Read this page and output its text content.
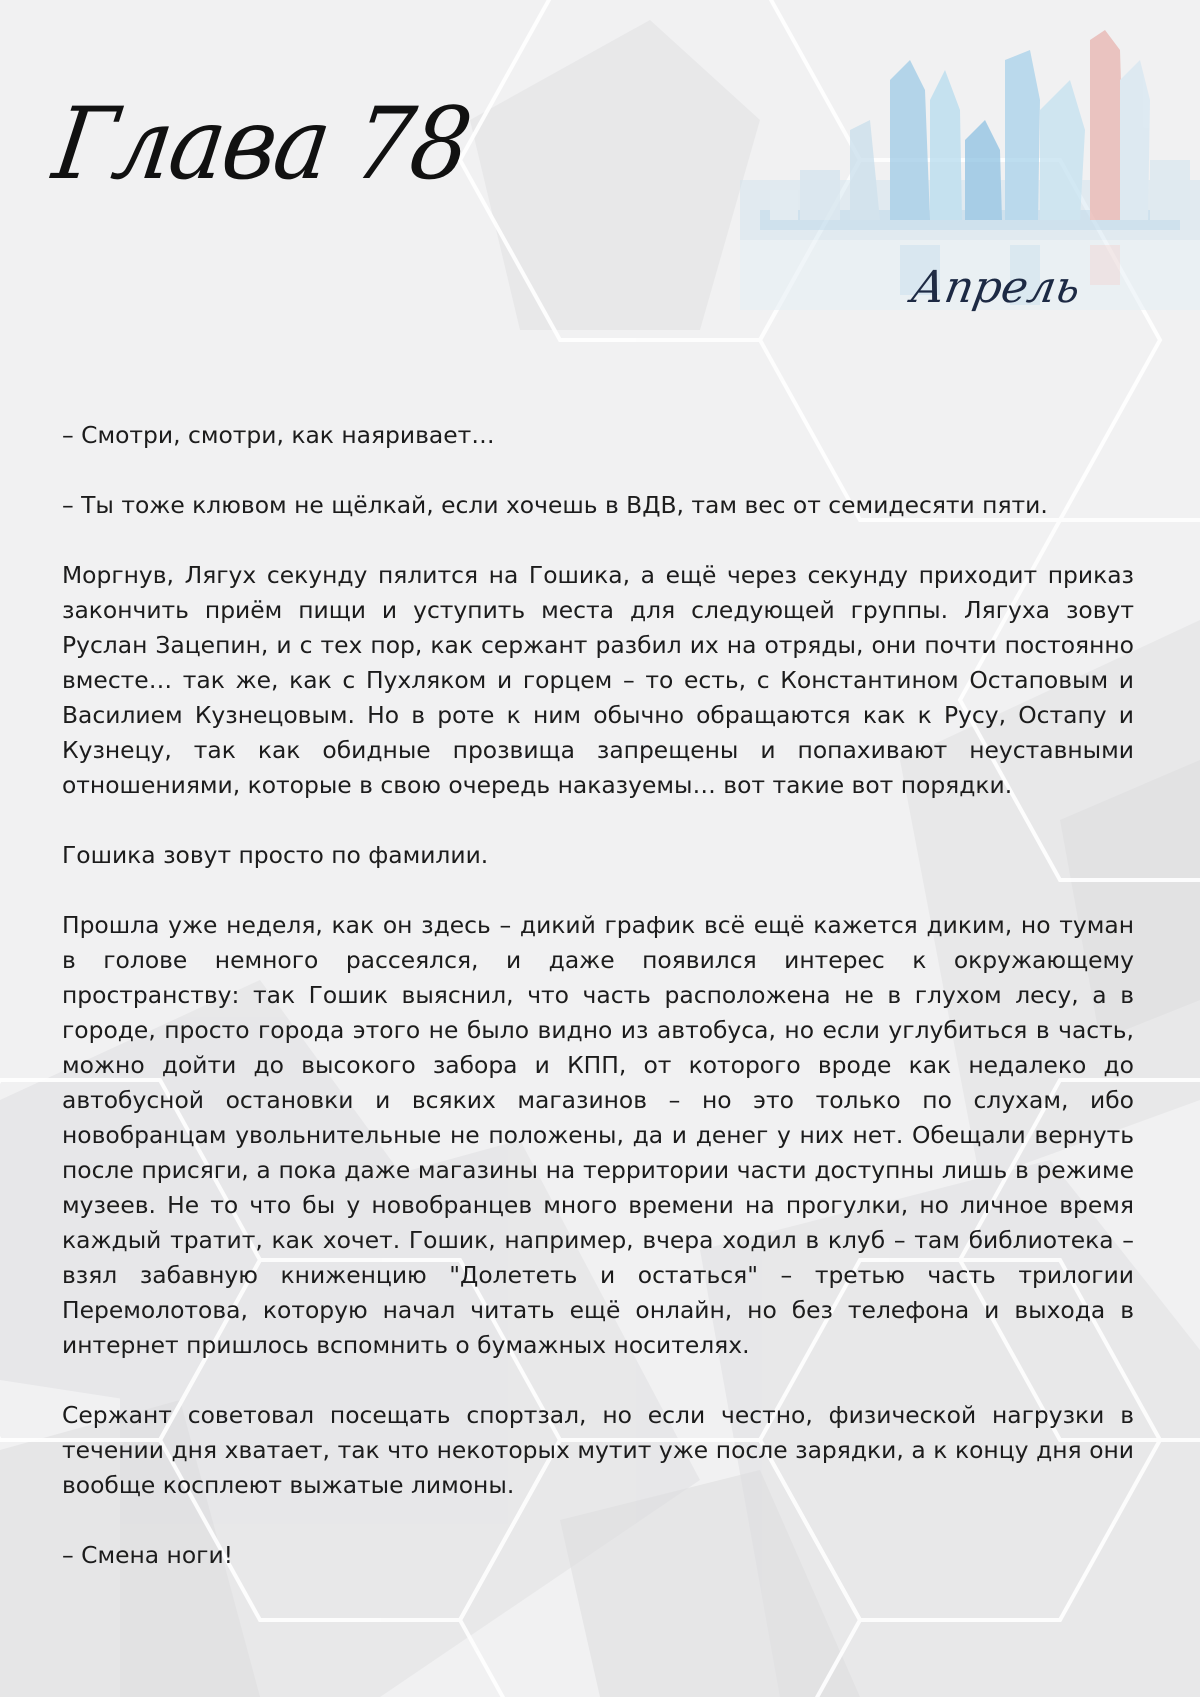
Глава 78
Апрель

– Смотри, смотри, как наяривает…

– Ты тоже клювом не щёлкай, если хочешь в ВДВ, там вес от семидесяти пяти.

Моргнув, Лягух секунду пялится на Гошика, а ещё через секунду приходит приказ закончить приём пищи и уступить места для следующей группы. Лягуха зовут Руслан Зацепин, и с тех пор, как сержант разбил их на отряды, они почти постоянно вместе… так же, как с Пухляком и горцем – то есть, с Константином Остаповым и Василием Кузнецовым. Но в роте к ним обычно обращаются как к Русу, Остапу и Кузнецу, так как обидные прозвища запрещены и попахивают неуставными отношениями, которые в свою очередь наказуемы… вот такие вот порядки.

Гошика зовут просто по фамилии.

Прошла уже неделя, как он здесь – дикий график всё ещё кажется диким, но туман в голове немного рассеялся, и даже появился интерес к окружающему пространству: так Гошик выяснил, что часть расположена не в глухом лесу, а в городе, просто города этого не было видно из автобуса, но если углубиться в часть, можно дойти до высокого забора и КПП, от которого вроде как недалеко до автобусной остановки и всяких магазинов – но это только по слухам, ибо новобранцам увольнительные не положены, да и денег у них нет. Обещали вернуть после присяги, а пока даже магазины на территории части доступны лишь в режиме музеев. Не то что бы у новобранцев много времени на прогулки, но личное время каждый тратит, как хочет. Гошик, например, вчера ходил в клуб – там библиотека – взял забавную книженцию "Долететь и остаться" – третью часть трилогии Перемолотова, которую начал читать ещё онлайн, но без телефона и выхода в интернет пришлось вспомнить о бумажных носителях.

Сержант советовал посещать спортзал, но если честно, физической нагрузки в течении дня хватает, так что некоторых мутит уже после зарядки, а к концу дня они вообще косплеют выжатые лимоны.

– Смена ноги!
